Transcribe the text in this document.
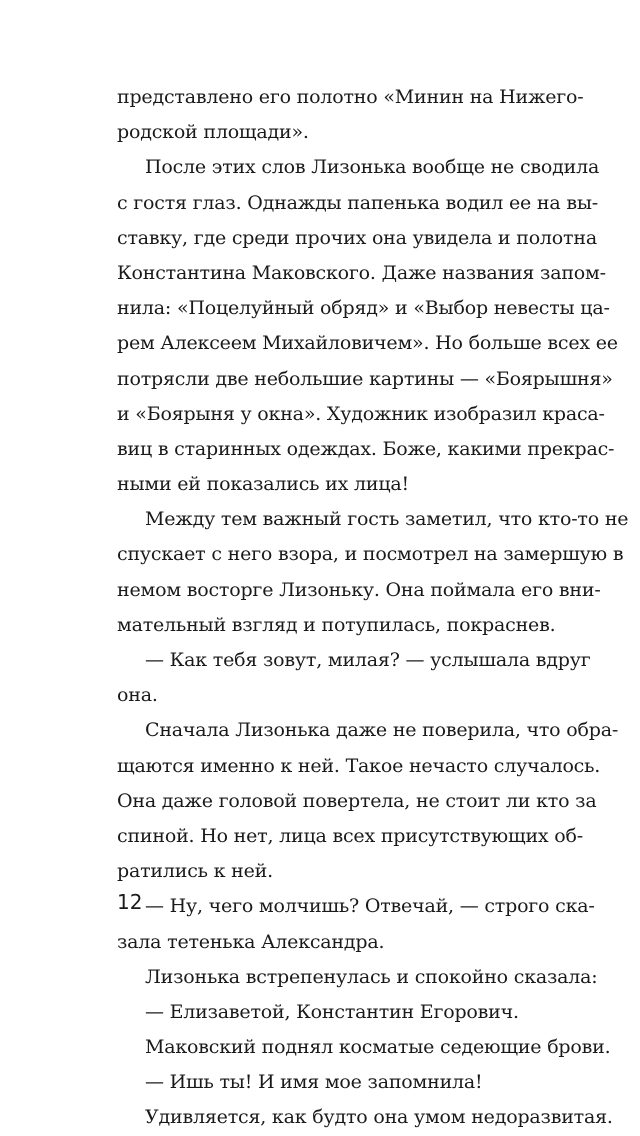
представлено его полотно «Минин на Нижего-
родской площади».
После этих слов Лизонька вообще не сводила
с гостя глаз. Однажды папенька водил ее на вы-
ставку, где среди прочих она увидела и полотна
Константина Маковского. Даже названия запом-
нила: «Поцелуйный обряд» и «Выбор невесты ца-
рем Алексеем Михайловичем». Но больше всех ее
потрясли две небольшие картины — «Боярышня»
и «Боярыня у окна». Художник изобразил краса-
виц в старинных одеждах. Боже, какими прекрас-
ными ей показались их лица!
Между тем важный гость заметил, что кто-то не
спускает с него взора, и посмотрел на замершую в
немом восторге Лизоньку. Она поймала его вни-
мательный взгляд и потупилась, покраснев.
— Как тебя зовут, милая? — услышала вдруг
она.
Сначала Лизонька даже не поверила, что обра-
щаются именно к ней. Такое нечасто случалось.
Она даже головой повертела, не стоит ли кто за
спиной. Но нет, лица всех присутствующих об-
ратились к ней.
— Ну, чего молчишь? Отвечай, — строго ска-
зала тетенька Александра.
Лизонька встрепенулась и спокойно сказала:
— Елизаветой, Константин Егорович.
Маковский поднял косматые седеющие брови.
— Ишь ты! И имя мое запомнила!
Удивляется, как будто она умом недоразвитая.
12
